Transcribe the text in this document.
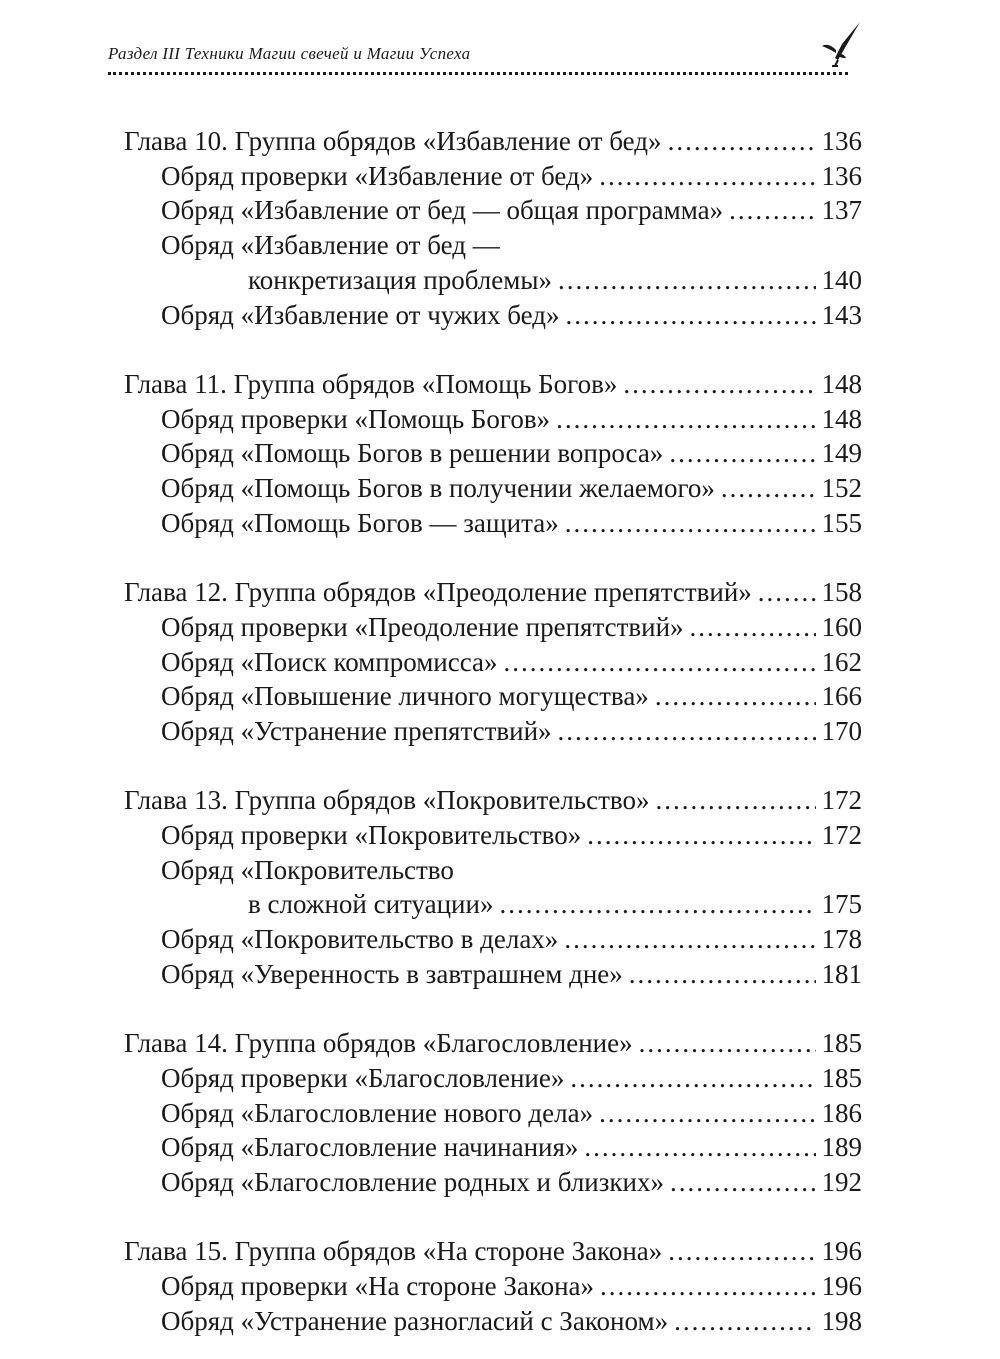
Раздел III Техники Магии свечей и Магии Успеха
Глава 10. Группа обрядов «Избавление от бед» .....	136
Обряд проверки «Избавление от бед» .....	136
Обряд «Избавление от бед — общая программа» .....	137
Обряд «Избавление от бед —
конкретизация проблемы» .....	140
Обряд «Избавление от чужих бед» .....	143
Глава 11. Группа обрядов «Помощь Богов» .....	148
Обряд проверки «Помощь Богов» .....	148
Обряд «Помощь Богов в решении вопроса» .....	149
Обряд «Помощь Богов в получении желаемого» .....	152
Обряд «Помощь Богов — защита» .....	155
Глава 12. Группа обрядов «Преодоление препятствий» .....	158
Обряд проверки «Преодоление препятствий» .....	160
Обряд «Поиск компромисса» .....	162
Обряд «Повышение личного могущества» .....	166
Обряд «Устранение препятствий» .....	170
Глава 13. Группа обрядов «Покровительство» .....	172
Обряд проверки «Покровительство» .....	172
Обряд «Покровительство
в сложной ситуации» .....	175
Обряд «Покровительство в делах» .....	178
Обряд «Уверенность в завтрашнем дне» .....	181
Глава 14. Группа обрядов «Благословление» .....	185
Обряд проверки «Благословление» .....	185
Обряд «Благословление нового дела» .....	186
Обряд «Благословление начинания» .....	189
Обряд «Благословление родных и близких» .....	192
Глава 15. Группа обрядов «На стороне Закона» .....	196
Обряд проверки «На стороне Закона» .....	196
Обряд «Устранение разногласий с Законом» .....	198
